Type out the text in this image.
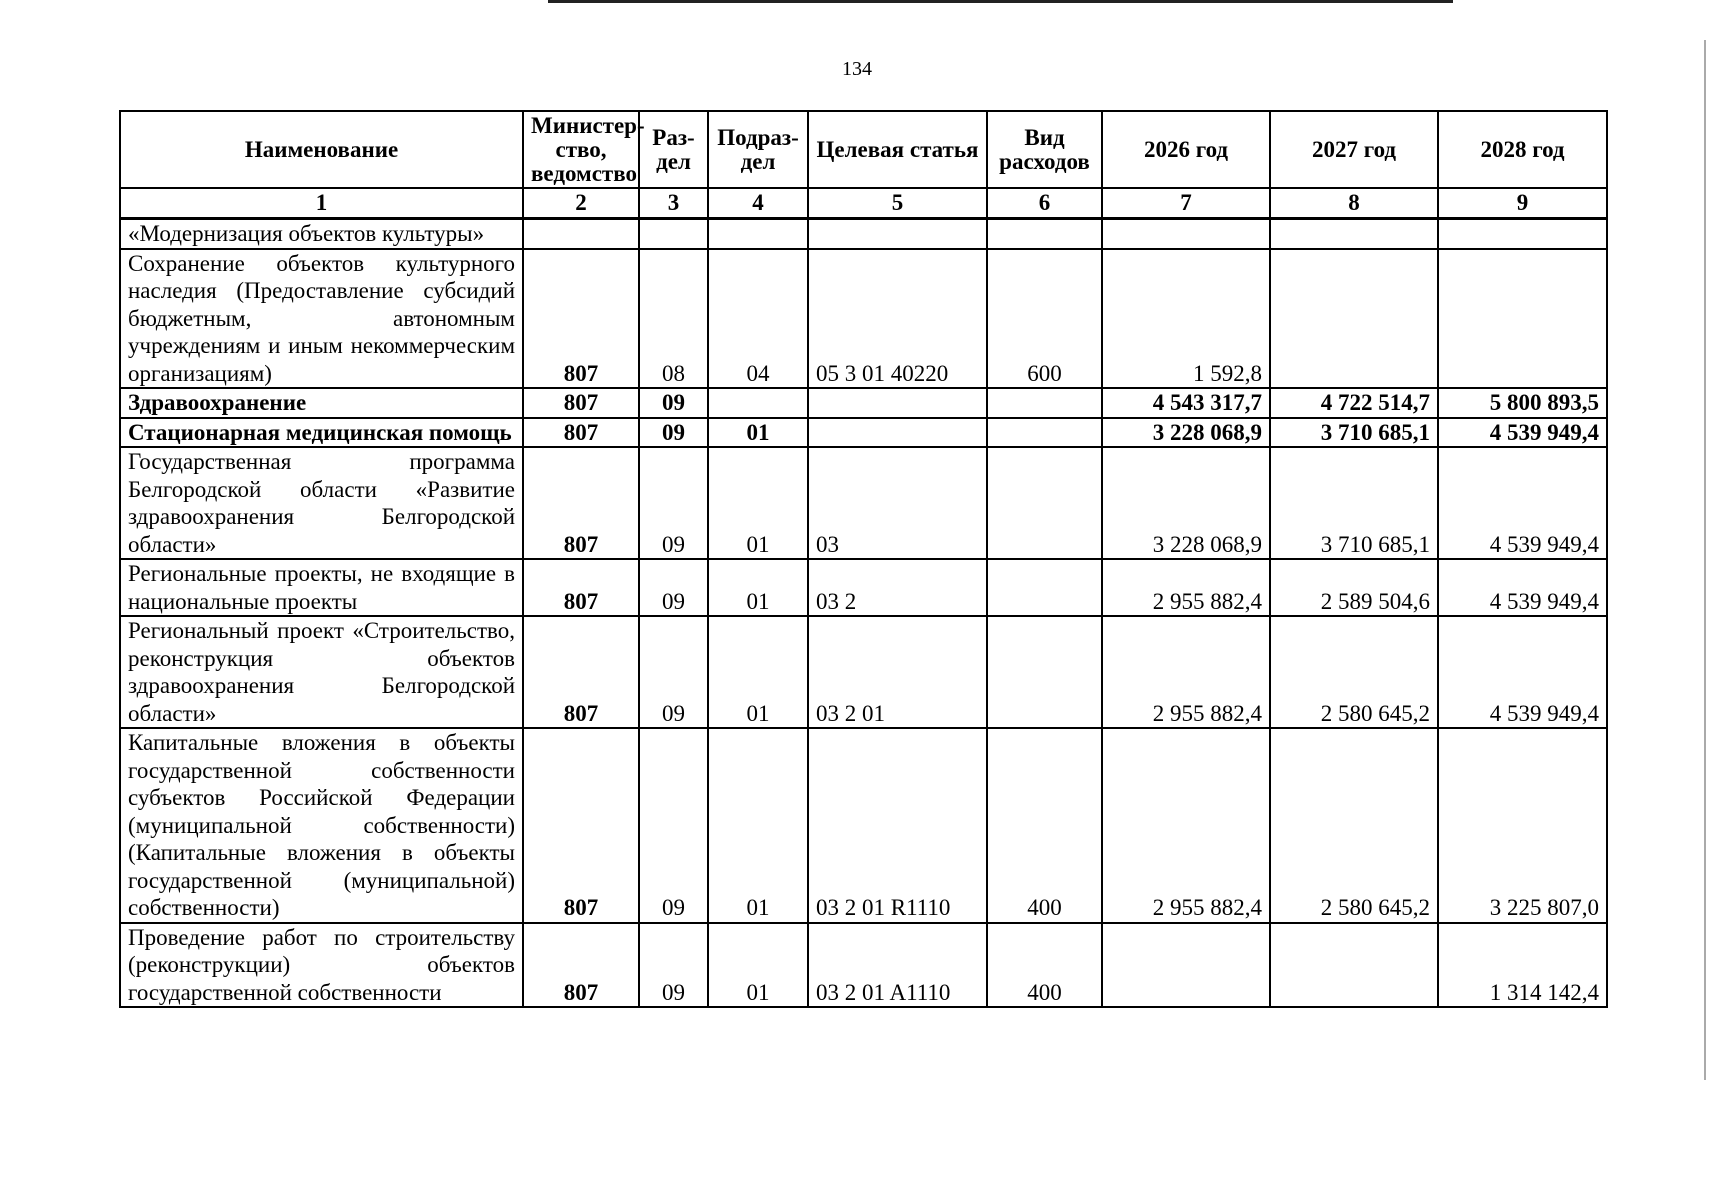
134
Наименование	Министер-ство, ведомство	Раз-дел	Подраз-дел	Целевая статья	Вид расходов	2026 год	2027 год	2028 год
1	2	3	4	5	6	7	8	9
«Модернизация объектов культуры»								
Сохранение объектов культурного наследия (Предоставление субсидий бюджетным, автономным учреждениям и иным некоммерческим организациям)	807	08	04	05 3 01 40220	600	1 592,8		
Здравоохранение	807	09				4 543 317,7	4 722 514,7	5 800 893,5
Стационарная медицинская помощь	807	09	01			3 228 068,9	3 710 685,1	4 539 949,4
Государственная программа Белгородской области «Развитие здравоохранения Белгородской области»	807	09	01	03		3 228 068,9	3 710 685,1	4 539 949,4
Региональные проекты, не входящие в национальные проекты	807	09	01	03 2		2 955 882,4	2 589 504,6	4 539 949,4
Региональный проект «Строительство, реконструкция объектов здравоохранения Белгородской области»	807	09	01	03 2 01		2 955 882,4	2 580 645,2	4 539 949,4
Капитальные вложения в объекты государственной собственности субъектов Российской Федерации (муниципальной собственности) (Капитальные вложения в объекты государственной (муниципальной) собственности)	807	09	01	03 2 01 R1110	400	2 955 882,4	2 580 645,2	3 225 807,0
Проведение работ по строительству (реконструкции) объектов государственной собственности	807	09	01	03 2 01 A1110	400			1 314 142,4
